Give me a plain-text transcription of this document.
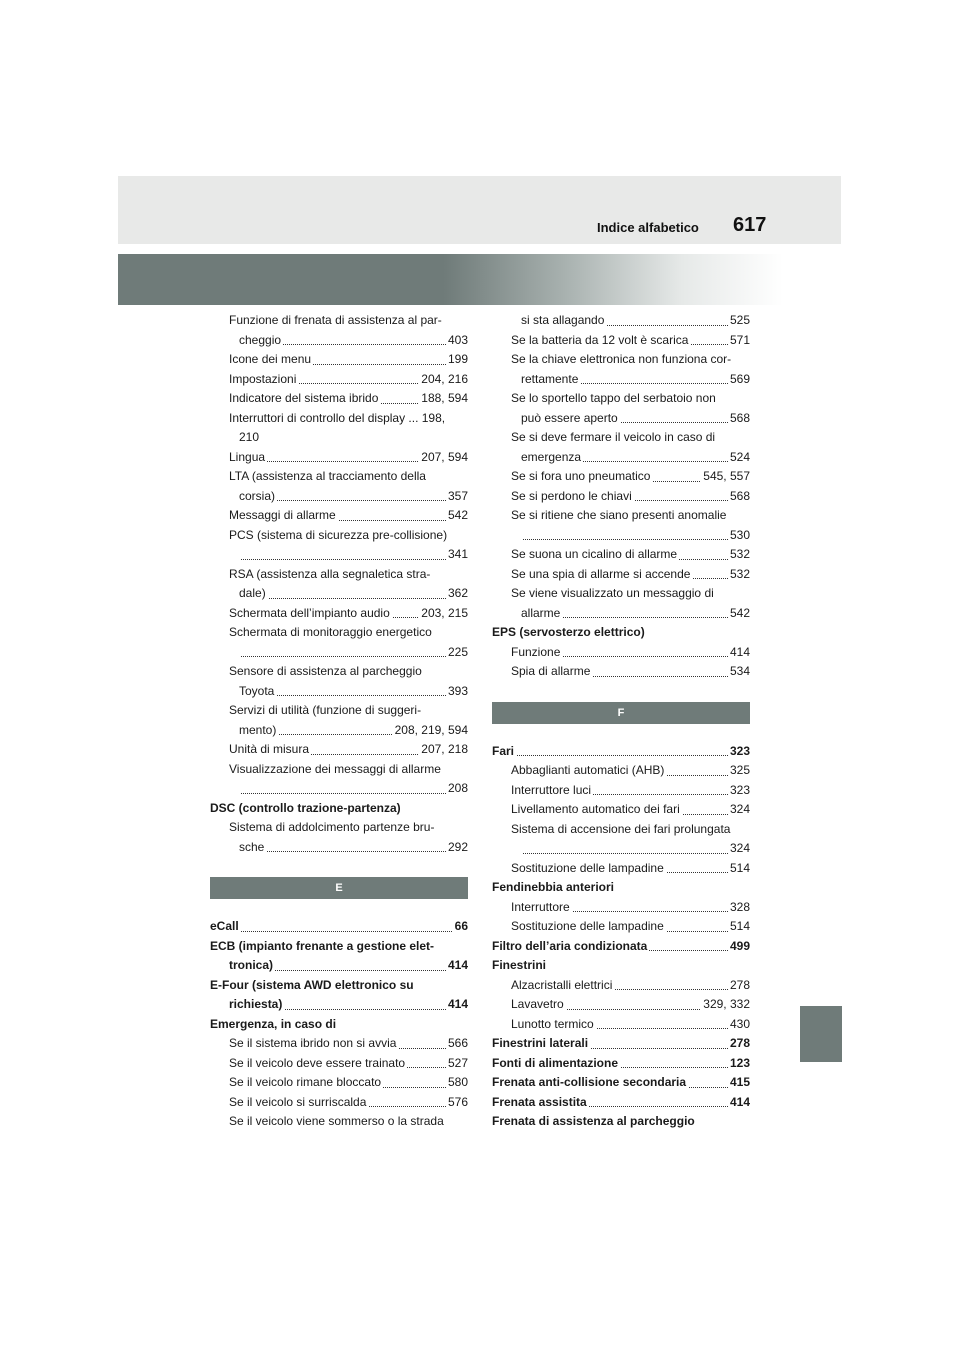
Indice alfabetico 617
Funzione di frenata di assistenza al par-
cheggio	403
Icone dei menu	199
Impostazioni	204, 216
Indicatore del sistema ibrido	188, 594
Interruttori di controllo del display ... 198,
210
Lingua	207, 594
LTA (assistenza al tracciamento della
corsia)	357
Messaggi di allarme	542
PCS (sistema di sicurezza pre-collisione)
341
RSA (assistenza alla segnaletica stra-
dale)	362
Schermata dell’impianto audio	203, 215
Schermata di monitoraggio energetico
225
Sensore di assistenza al parcheggio
Toyota	393
Servizi di utilità (funzione di suggeri-
mento)	208, 219, 594
Unità di misura	207, 218
Visualizzazione dei messaggi di allarme
208
DSC (controllo trazione-partenza)
Sistema di addolcimento partenze bru-
sche	292
E
eCall	66
ECB (impianto frenante a gestione elet-
tronica)	414
E-Four (sistema AWD elettronico su
richiesta)	414
Emergenza, in caso di
Se il sistema ibrido non si avvia	566
Se il veicolo deve essere trainato	527
Se il veicolo rimane bloccato	580
Se il veicolo si surriscalda	576
Se il veicolo viene sommerso o la strada
si sta allagando	525
Se la batteria da 12 volt è scarica	571
Se la chiave elettronica non funziona cor-
rettamente	569
Se lo sportello tappo del serbatoio non
può essere aperto	568
Se si deve fermare il veicolo in caso di
emergenza	524
Se si fora uno pneumatico	545, 557
Se si perdono le chiavi	568
Se si ritiene che siano presenti anomalie
530
Se suona un cicalino di allarme	532
Se una spia di allarme si accende	532
Se viene visualizzato un messaggio di
allarme	542
EPS (servosterzo elettrico)
Funzione	414
Spia di allarme	534
F
Fari	323
Abbaglianti automatici (AHB)	325
Interruttore luci	323
Livellamento automatico dei fari	324
Sistema di accensione dei fari prolungata
324
Sostituzione delle lampadine	514
Fendinebbia anteriori
Interruttore	328
Sostituzione delle lampadine	514
Filtro dell’aria condizionata	499
Finestrini
Alzacristalli elettrici	278
Lavavetro	329, 332
Lunotto termico	430
Finestrini laterali	278
Fonti di alimentazione	123
Frenata anti-collisione secondaria	415
Frenata assistita	414
Frenata di assistenza al parcheggio
